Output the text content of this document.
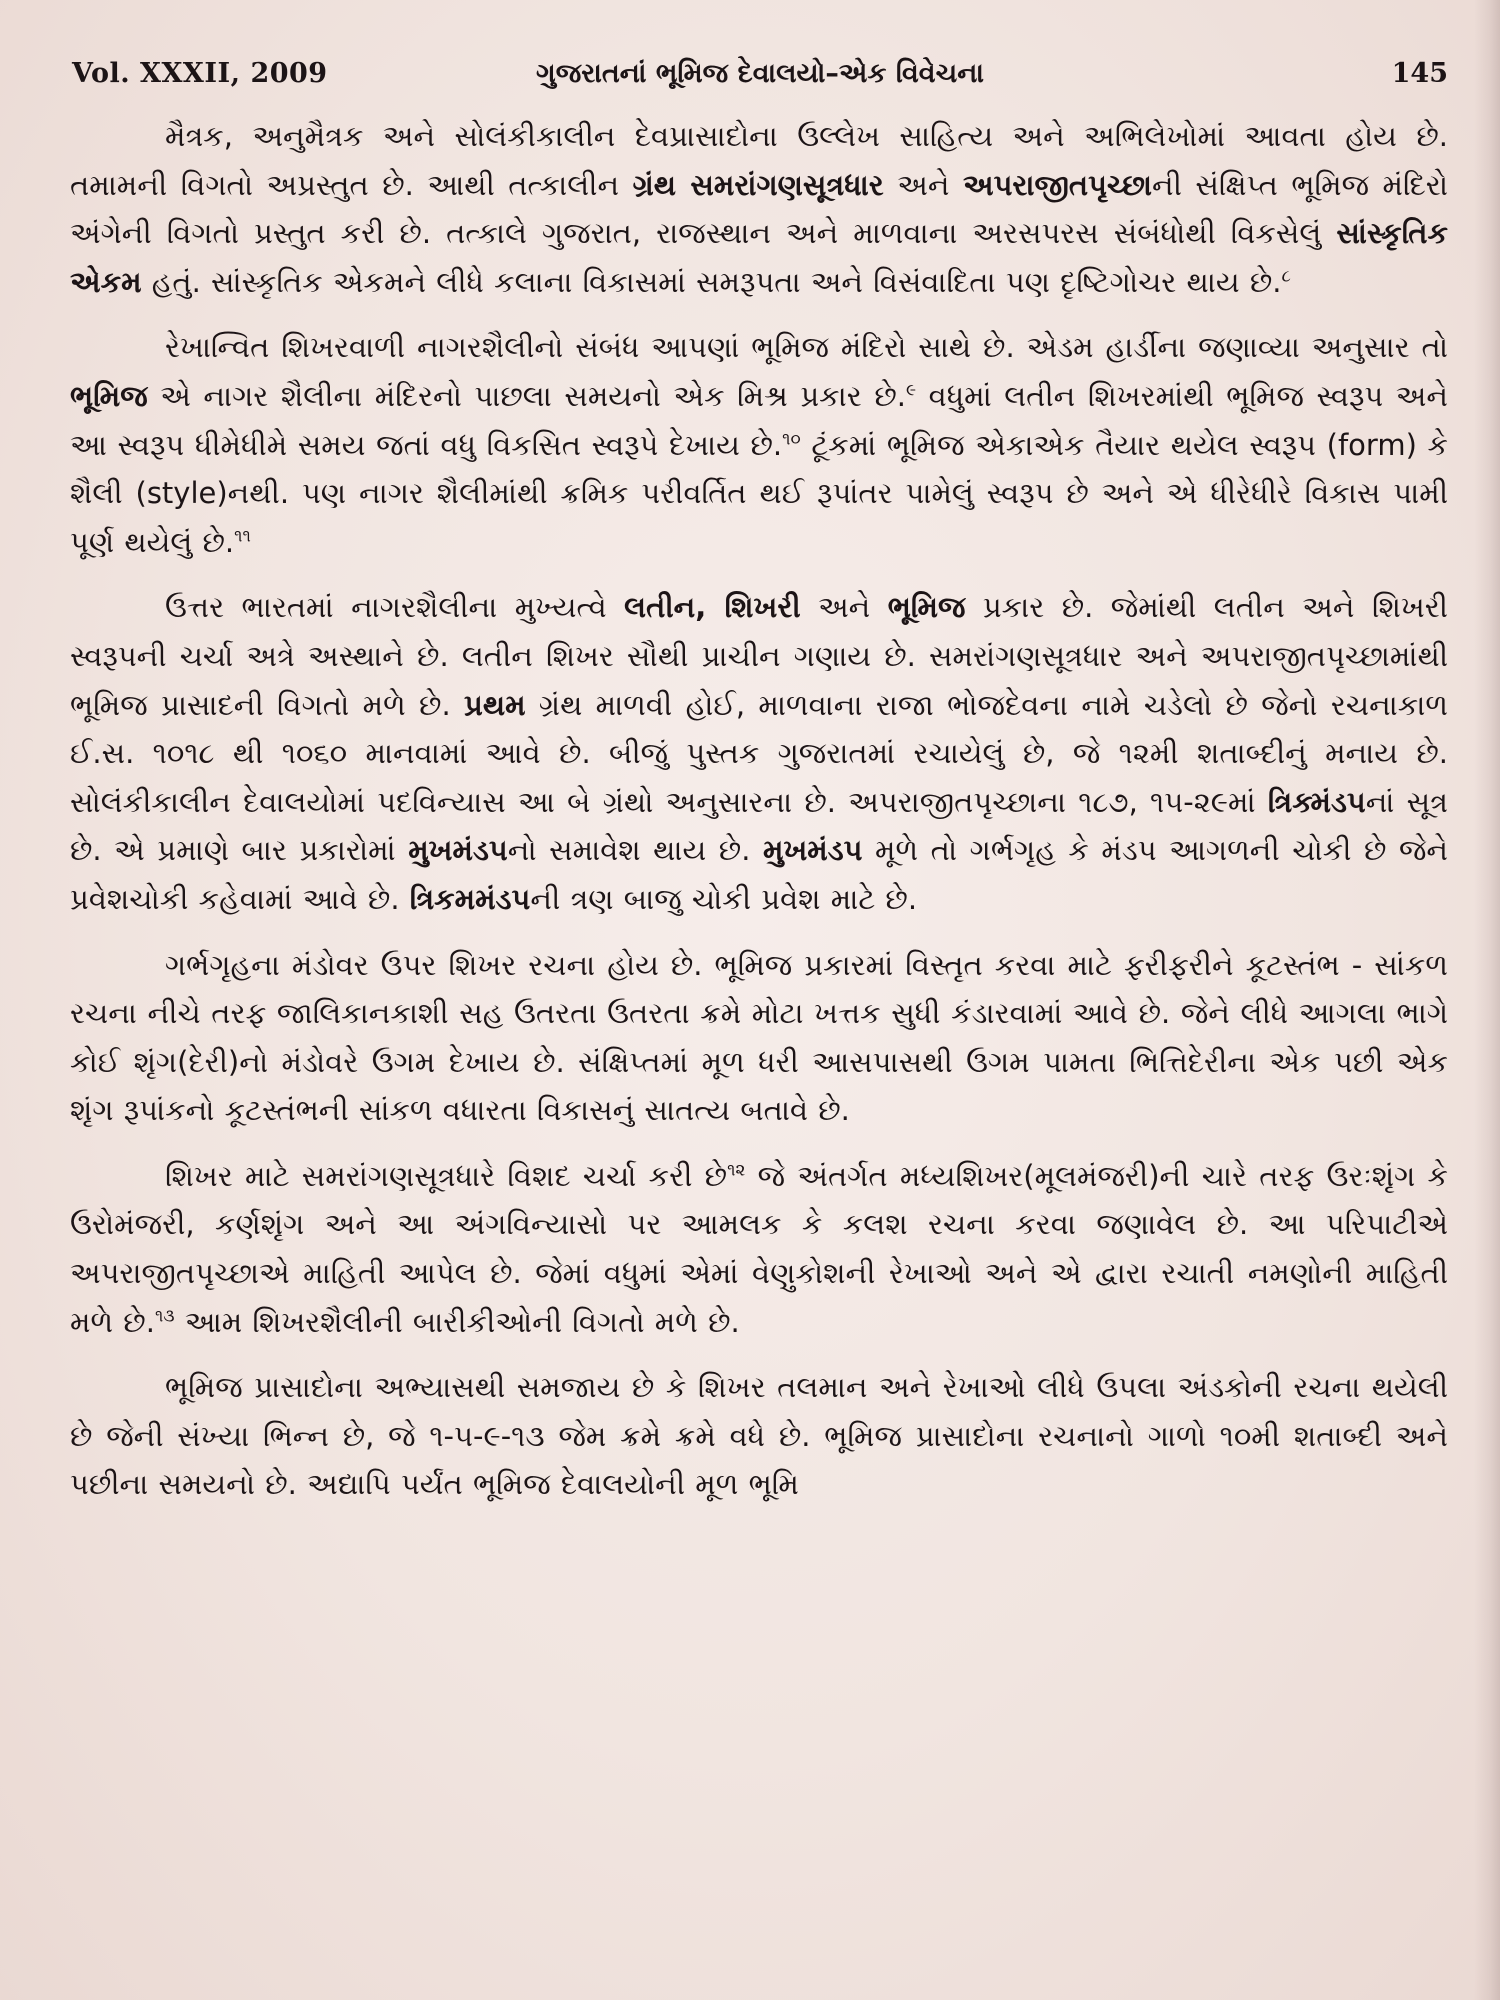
Vol. XXXII, 2009	ગુજરાતનાં ભૂમિજ દેવાલયો–એક વિવેચના	145

મૈત્રક, અનુમૈત્રક અને સોલંકીકાલીન દેવપ્રાસાદોના ઉલ્લેખ સાહિત્ય અને અભિલેખોમાં આવતા હોય છે. તમામની વિગતો અપ્રસ્તુત છે. આથી તત્કાલીન ગ્રંથ સમરાંગણસૂત્રધાર અને અપરાજીતપૃચ્છાની સંક્ષિપ્ત ભૂમિજ મંદિરો અંગેની વિગતો પ્રસ્તુત કરી છે. તત્કાલે ગુજરાત, રાજસ્થાન અને માળવાના અરસપરસ સંબંધોથી વિકસેલું સાંસ્કૃતિક એકમ હતું. સાંસ્કૃતિક એકમને લીધે કલાના વિકાસમાં સમરૂપતા અને વિસંવાદિતા પણ દૃષ્ટિગોચર થાય છે.$^૮$

રેખાન્વિત શિખરવાળી નાગરશૈલીનો સંબંધ આપણાં ભૂમિજ મંદિરો સાથે છે. એડમ હાર્ડીના જણાવ્યા અનુસાર તો ભૂમિજ એ નાગર શૈલીના મંદિરનો પાછલા સમયનો એક મિશ્ર પ્રકાર છે.$^૯$ વધુમાં લતીન શિખરમાંથી ભૂમિજ સ્વરૂપ અને આ સ્વરૂપ ધીમેધીમે સમય જતાં વધુ વિકસિત સ્વરૂપે દેખાય છે.$^{૧૦}$ ટૂંકમાં ભૂમિજ એકાએક તૈયાર થયેલ સ્વરૂપ (form) કે શૈલી (style)નથી. પણ નાગર શૈલીમાંથી ક્રમિક પરીવર્તિત થઈ રૂપાંતર પામેલું સ્વરૂપ છે અને એ ધીરેધીરે વિકાસ પામી પૂર્ણ થયેલું છે.$^{૧૧}$

ઉત્તર ભારતમાં નાગરશૈલીના મુખ્યત્વે લતીન, શિખરી અને ભૂમિજ પ્રકાર છે. જેમાંથી લતીન અને શિખરી સ્વરૂપની ચર્ચા અત્રે અસ્થાને છે. લતીન શિખર સૌથી પ્રાચીન ગણાય છે. સમરાંગણસૂત્રધાર અને અપરાજીતપૃચ્છામાંથી ભૂમિજ પ્રાસાદની વિગતો મળે છે. પ્રથમ ગ્રંથ માળવી હોઈ, માળવાના રાજા ભોજદેવના નામે ચડેલો છે જેનો રચનાકાળ ઈ.સ. ૧૦૧૮ થી ૧૦૬૦ માનવામાં આવે છે. બીજું પુસ્તક ગુજરાતમાં રચાયેલું છે, જે ૧૨મી શતાબ્દીનું મનાય છે. સોલંકીકાલીન દેવાલયોમાં પદવિન્યાસ આ બે ગ્રંથો અનુસારના છે. અપરાજીતપૃચ્છાના ૧૮૭, ૧૫-૨૯માં ત્રિક્મંડપનાં સૂત્ર છે. એ પ્રમાણે બાર પ્રકારોમાં મુખમંડપનો સમાવેશ થાય છે. મુખમંડપ મૂળે તો ગર્ભગૃહ કે મંડપ આગળની ચોકી છે જેને પ્રવેશચોકી કહેવામાં આવે છે. ત્રિકમમંડપની ત્રણ બાજુ ચોકી પ્રવેશ માટે છે.

ગર્ભગૃહના મંડોવર ઉપર શિખર રચના હોય છે. ભૂમિજ પ્રકારમાં વિસ્તૃત કરવા માટે ફરીફરીને કૂટસ્તંભ - સાંકળ રચના નીચે તરફ જાલિકાનકાશી સહ ઉતરતા ઉતરતા ક્રમે મોટા ખત્તક સુધી કંડારવામાં આવે છે. જેને લીધે આગલા ભાગે કોઈ શૃંગ(દેરી)નો મંડોવરે ઉગમ દેખાય છે. સંક્ષિપ્તમાં મૂળ ધરી આસપાસથી ઉગમ પામતા ભિત્તિદેરીના એક પછી એક શૃંગ રૂપાંકનો કૂટસ્તંભની સાંકળ વધારતા વિકાસનું સાતત્ય બતાવે છે.

શિખર માટે સમરાંગણસૂત્રધારે વિશદ ચર્ચા કરી છે$^{૧૨}$ જે અંતર્ગત મધ્યશિખર(મૂલમંજરી)ની ચારે તરફ ઉરઃશૃંગ કે ઉરોમંજરી, કર્ણશૃંગ અને આ અંગવિન્યાસો પર આમલક કે કલશ રચના કરવા જણાવેલ છે. આ પરિપાટીએ અપરાજીતપૃચ્છાએ માહિતી આપેલ છે. જેમાં વધુમાં એમાં વેણુકોશની રેખાઓ અને એ દ્વારા રચાતી નમણોની માહિતી મળે છે.$^{૧૩}$ આમ શિખરશૈલીની બારીકીઓની વિગતો મળે છે.

ભૂમિજ પ્રાસાદોના અભ્યાસથી સમજાય છે કે શિખર તલમાન અને રેખાઓ લીધે ઉપલા અંડકોની રચના થયેલી છે જેની સંખ્યા ભિન્ન છે, જે ૧-૫-૯-૧૩ જેમ ક્રમે ક્રમે વધે છે. ભૂમિજ પ્રાસાદોના રચનાનો ગાળો ૧૦મી શતાબ્દી અને પછીના સમયનો છે. અદ્યાપિ પર્યંત ભૂમિજ દેવાલયોની મૂળ ભૂમિ
